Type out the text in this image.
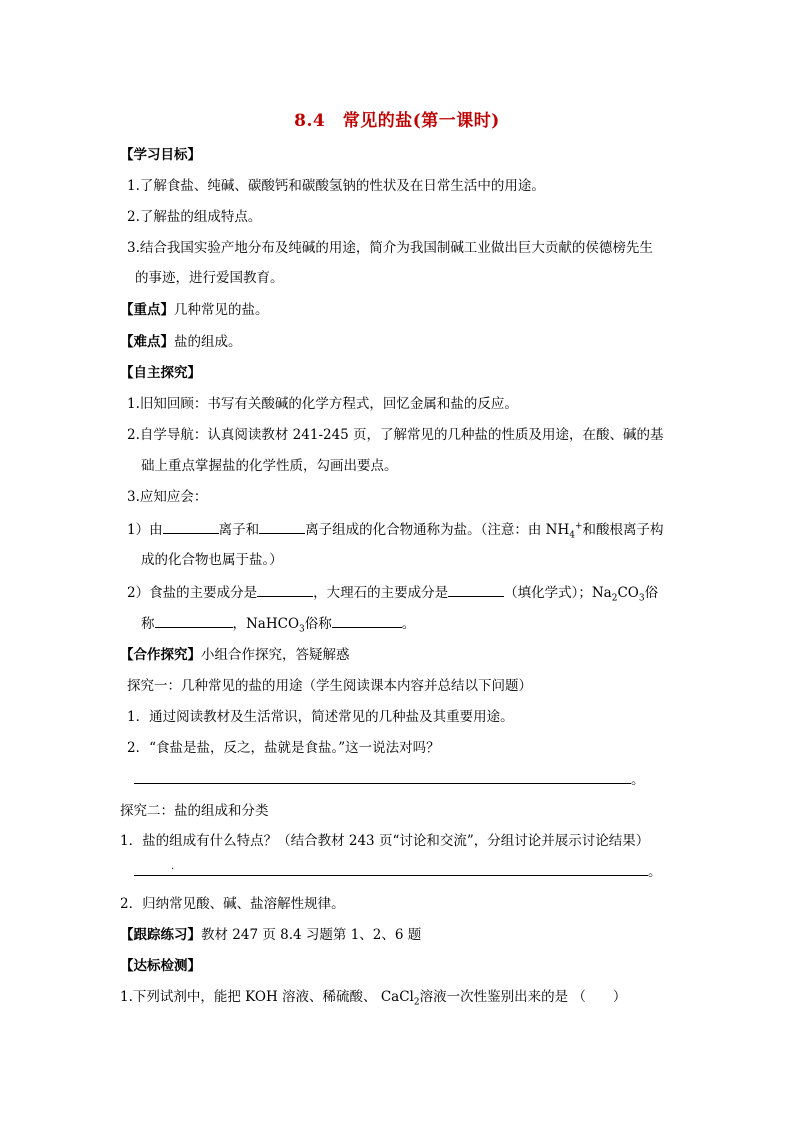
8.4　常见的盐(第一课时)
【学习目标】
1.了解食盐、纯碱、碳酸钙和碳酸氢钠的性状及在日常生活中的用途。
2.了解盐的组成特点。
3.结合我国实验产地分布及纯碱的用途，简介为我国制碱工业做出巨大贡献的侯德榜先生
的事迹，进行爱国教育。
【重点】几种常见的盐。
【难点】盐的组成。
【自主探究】
1.旧知回顾：书写有关酸碱的化学方程式，回忆金属和盐的反应。
2.自学导航：认真阅读教材 241-245 页，了解常见的几种盐的性质及用途，在酸、碱的基
础上重点掌握盐的化学性质，勾画出要点。
3.应知应会：
1）由	离子和	离子组成的化合物通称为盐。（注意：由 $NH_4^+$和酸根离子构
成的化合物也属于盐。）
2）食盐的主要成分是	，大理石的主要成分是	（填化学式）；$Na_2CO_3$俗
称	，NaHCO$_3$俗称	。
【合作探究】小组合作探究，答疑解惑
探究一：几种常见的盐的用途（学生阅读课本内容并总结以下问题）
1．通过阅读教材及生活常识，简述常见的几种盐及其重要用途。
2．“食盐是盐，反之，盐就是食盐。”这一说法对吗？
。
探究二：盐的组成和分类
1．盐的组成有什么特点？（结合教材 243 页“讨论和交流”，分组讨论并展示讨论结果）
.	。
2．归纳常见酸、碱、盐溶解性规律。
【跟踪练习】教材 247 页 8.4 习题第 1、2、6 题
【达标检测】
1.下列试剂中，能把 KOH 溶液、稀硫酸、 CaCl$_2$溶液一次性鉴别出来的是 （　　）
